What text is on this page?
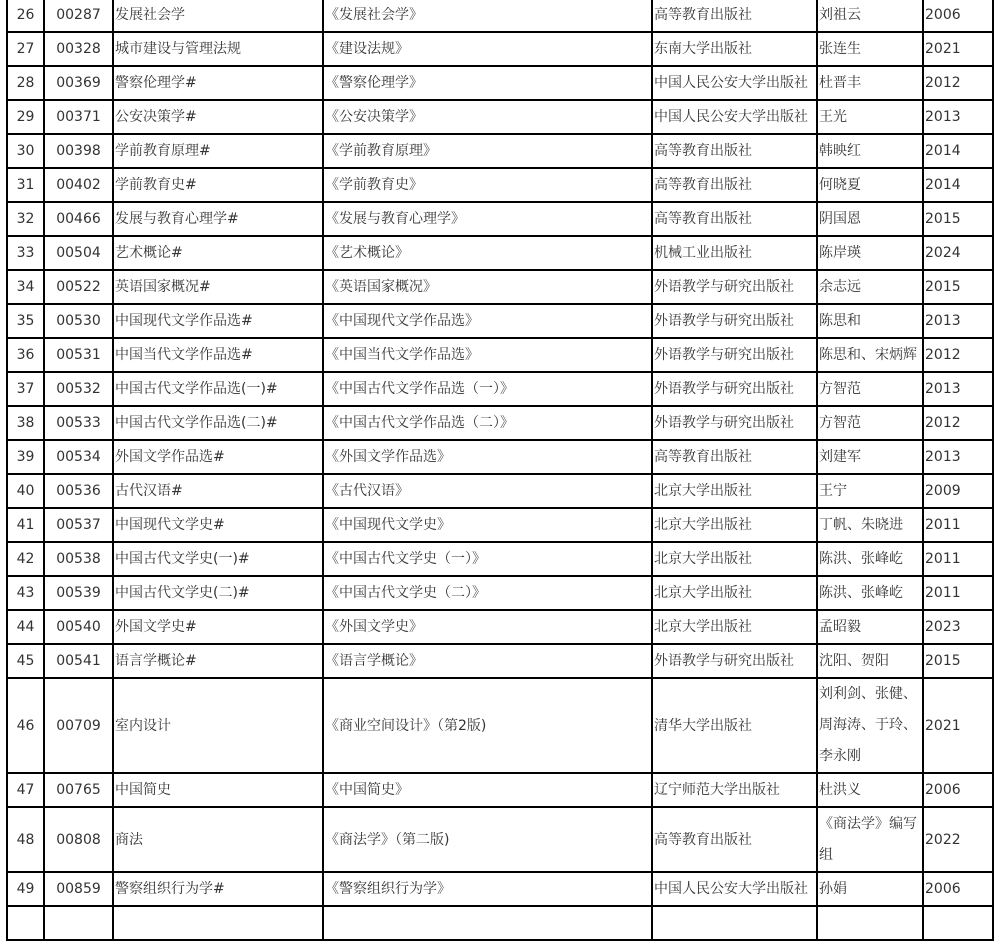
26	00287	发展社会学	《发展社会学》	高等教育出版社	刘祖云	2006
27	00328	城市建设与管理法规	《建设法规》	东南大学出版社	张连生	2021
28	00369	警察伦理学#	《警察伦理学》	中国人民公安大学出版社	杜晋丰	2012
29	00371	公安决策学#	《公安决策学》	中国人民公安大学出版社	王光	2013
30	00398	学前教育原理#	《学前教育原理》	高等教育出版社	韩映红	2014
31	00402	学前教育史#	《学前教育史》	高等教育出版社	何晓夏	2014
32	00466	发展与教育心理学#	《发展与教育心理学》	高等教育出版社	阴国恩	2015
33	00504	艺术概论#	《艺术概论》	机械工业出版社	陈岸瑛	2024
34	00522	英语国家概况#	《英语国家概况》	外语教学与研究出版社	余志远	2015
35	00530	中国现代文学作品选#	《中国现代文学作品选》	外语教学与研究出版社	陈思和	2013
36	00531	中国当代文学作品选#	《中国当代文学作品选》	外语教学与研究出版社	陈思和、宋炳辉	2012
37	00532	中国古代文学作品选(一)#	《中国古代文学作品选（一）》	外语教学与研究出版社	方智范	2013
38	00533	中国古代文学作品选(二)#	《中国古代文学作品选（二）》	外语教学与研究出版社	方智范	2012
39	00534	外国文学作品选#	《外国文学作品选》	高等教育出版社	刘建军	2013
40	00536	古代汉语#	《古代汉语》	北京大学出版社	王宁	2009
41	00537	中国现代文学史#	《中国现代文学史》	北京大学出版社	丁帆、朱晓进	2011
42	00538	中国古代文学史(一)#	《中国古代文学史（一）》	北京大学出版社	陈洪、张峰屹	2011
43	00539	中国古代文学史(二)#	《中国古代文学史（二）》	北京大学出版社	陈洪、张峰屹	2011
44	00540	外国文学史#	《外国文学史》	北京大学出版社	孟昭毅	2023
45	00541	语言学概论#	《语言学概论》	外语教学与研究出版社	沈阳、贺阳	2015
46	00709	室内设计	《商业空间设计》（第2版)	清华大学出版社	刘利剑、张健、周海涛、于玲、李永刚	2021
47	00765	中国简史	《中国简史》	辽宁师范大学出版社	杜洪义	2006
48	00808	商法	《商法学》（第二版)	高等教育出版社	《商法学》编写组	2022
49	00859	警察组织行为学#	《警察组织行为学》	中国人民公安大学出版社	孙娟	2006
